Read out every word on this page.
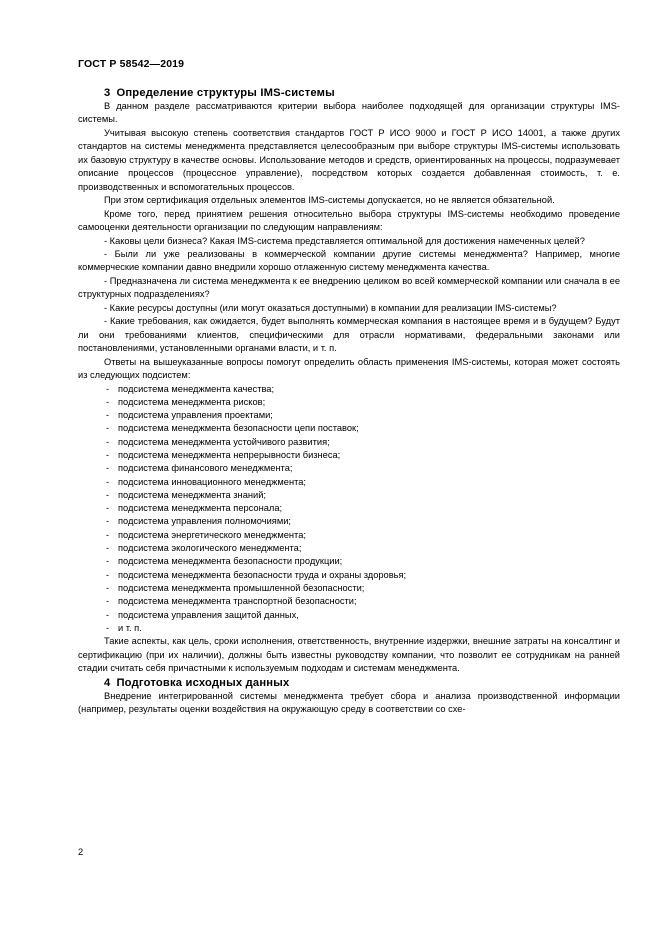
ГОСТ Р 58542—2019
3 Определение структуры IMS-системы

В данном разделе рассматриваются критерии выбора наиболее подходящей для организации структуры IMS-системы.

Учитывая высокую степень соответствия стандартов ГОСТ Р ИСО 9000 и ГОСТ Р ИСО 14001, а также других стандартов на системы менеджмента представляется целесообразным при выборе структуры IMS-системы использовать их базовую структуру в качестве основы. Использование методов и средств, ориентированных на процессы, подразумевает описание процессов (процессное управление), посредством которых создается добавленная стоимость, т. е. производственных и вспомогательных процессов.

При этом сертификация отдельных элементов IMS-системы допускается, но не является обязательной.

Кроме того, перед принятием решения относительно выбора структуры IMS-системы необходимо проведение самооценки деятельности организации по следующим направлениям:

- Каковы цели бизнеса? Какая IMS-система представляется оптимальной для достижения намеченных целей?

- Были ли уже реализованы в коммерческой компании другие системы менеджмента? Например, многие коммерческие компании давно внедрили хорошо отлаженную систему менеджмента качества.

- Предназначена ли система менеджмента к ее внедрению целиком во всей коммерческой компании или сначала в ее структурных подразделениях?

- Какие ресурсы доступны (или могут оказаться доступными) в компании для реализации IMS-системы?

- Какие требования, как ожидается, будет выполнять коммерческая компания в настоящее время и в будущем? Будут ли они требованиями клиентов, специфическими для отрасли нормативами, федеральными законами или постановлениями, установленными органами власти, и т. п.

Ответы на вышеуказанные вопросы помогут определить область применения IMS-системы, которая может состоять из следующих подсистем:

- подсистема менеджмента качества;
- подсистема менеджмента рисков;
- подсистема управления проектами;
- подсистема менеджмента безопасности цепи поставок;
- подсистема менеджмента устойчивого развития;
- подсистема менеджмента непрерывности бизнеса;
- подсистема финансового менеджмента;
- подсистема инновационного менеджмента;
- подсистема менеджмента знаний;
- подсистема менеджмента персонала;
- подсистема управления полномочиями;
- подсистема энергетического менеджмента;
- подсистема экологического менеджмента;
- подсистема менеджмента безопасности продукции;
- подсистема менеджмента безопасности труда и охраны здоровья;
- подсистема менеджмента промышленной безопасности;
- подсистема менеджмента транспортной безопасности;
- подсистема управления защитой данных,
- и т. п.

Такие аспекты, как цель, сроки исполнения, ответственность, внутренние издержки, внешние затраты на консалтинг и сертификацию (при их наличии), должны быть известны руководству компании, что позволит ее сотрудникам на ранней стадии считать себя причастными к используемым подходам и системам менеджмента.

4 Подготовка исходных данных

Внедрение интегрированной системы менеджмента требует сбора и анализа производственной информации (например, результаты оценки воздействия на окружающую среду в соответствии со схе-

2
